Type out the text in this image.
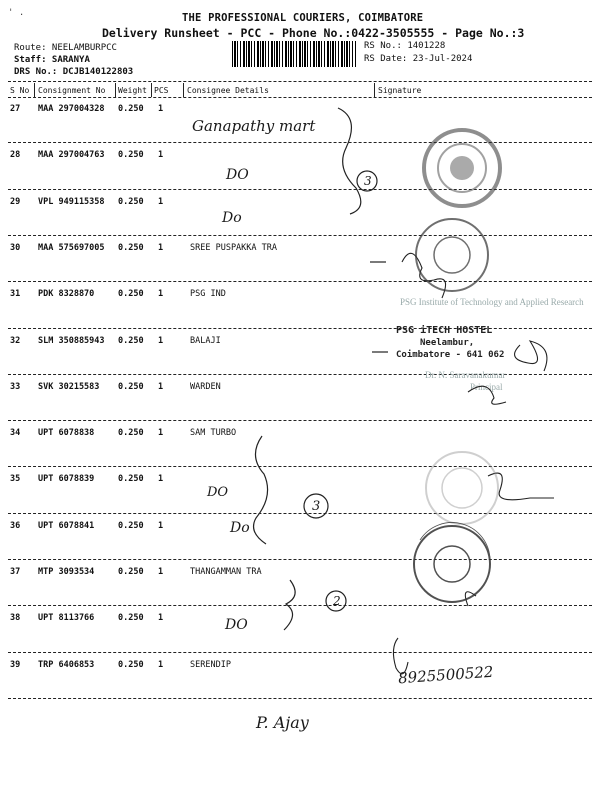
' .	THE PROFESSIONAL COURIERS, COIMBATORE
Delivery Runsheet - PCC - Phone No.:0422-3505555 - Page No.:3
Route: NEELAMBURPCC
Staff: SARANYA
DRS No.: DCJB140122803
RS No.: 1401228
RS Date: 23-Jul-2024
S No Consignment No Weight PCS Consignee Details	Signature
27 MAA 297004328 0.250 1
28 MAA 297004763 0.250 1
29 VPL 949115358 0.250 1
30 MAA 575697005 0.250 1	SREE PUSPAKKA TRA
31 PDK 8328870	0.250 1	PSG IND
32 SLM 350885943 0.250 1	BALAJI
33 SVK 30215583 0.250 1	WARDEN
34 UPT 6078838	0.250 1	SAM TURBO
35 UPT 6078839	0.250 1
36 UPT 6078841	0.250 1
37 MTP 3093534	0.250 1	THANGAMMAN TRA
38 UPT 8113766	0.250 1
39 TRP 6406853	0.250 1	SERENDIP
Ganapathy mart
DO
Do
DO
Do
DO
3
3
2
8925500522
P. Ajay
PSG Institute of Technology and Applied Research
PSG iTECH HOSTEL
Neelambur,
Coimbatore - 641 062
Dr. N. Saravanakumar
Principal
